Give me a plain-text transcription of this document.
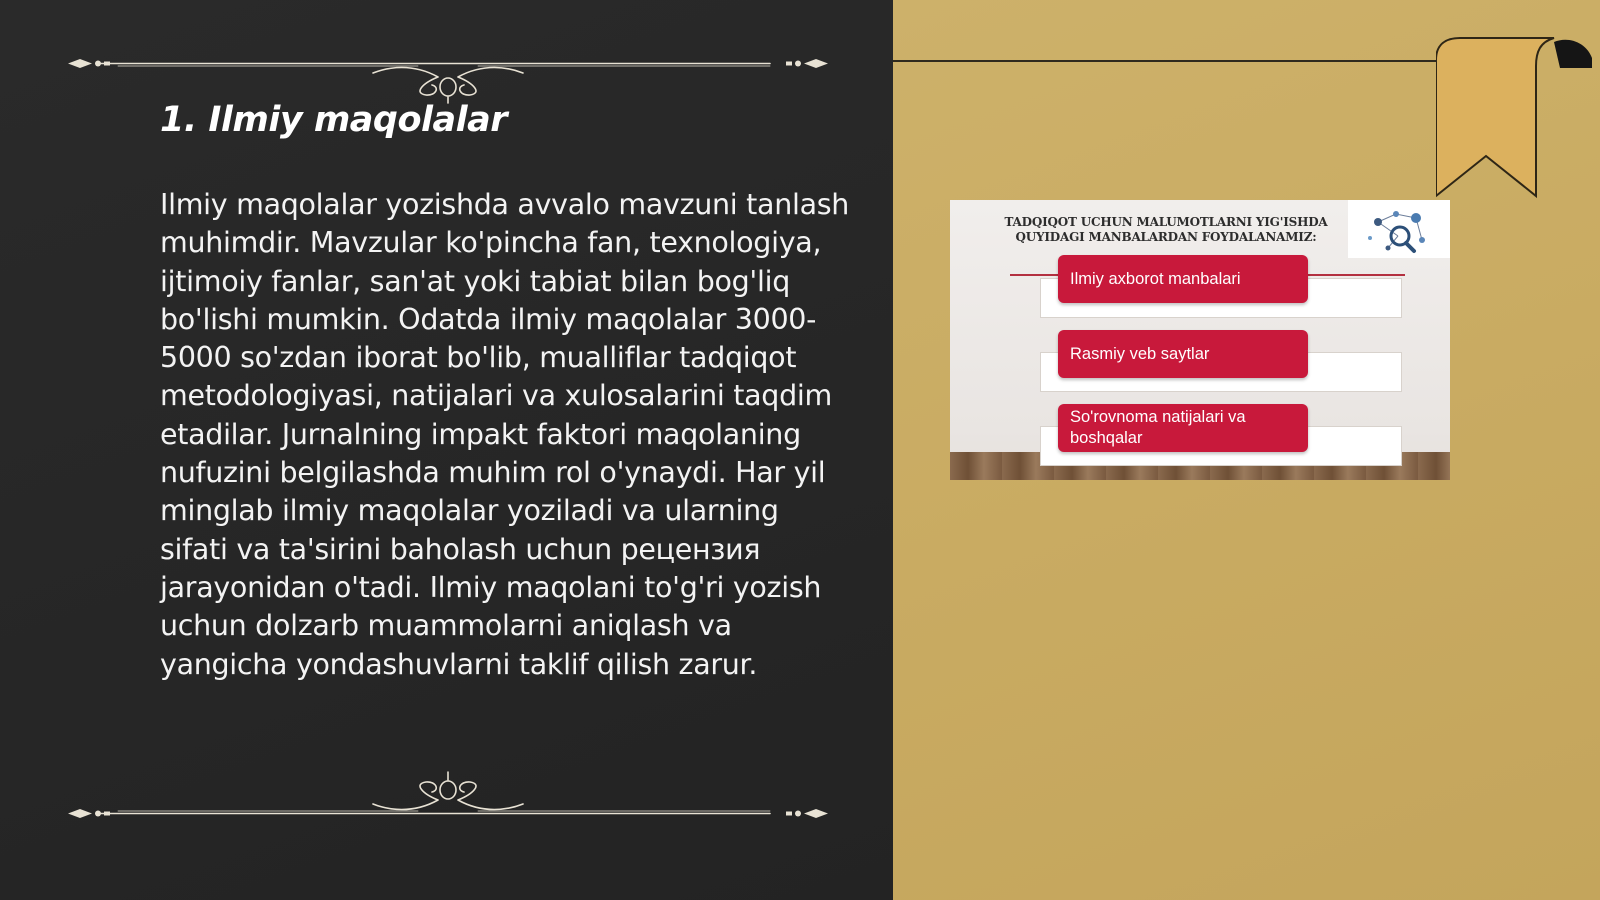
1. Ilmiy maqolalar

Ilmiy maqolalar yozishda avvalo mavzuni tanlash muhimdir. Mavzular ko'pincha fan, texnologiya, ijtimoiy fanlar, san'at yoki tabiat bilan bog'liq bo'lishi mumkin. Odatda ilmiy maqolalar 3000-5000 so'zdan iborat bo'lib, mualliflar tadqiqot metodologiyasi, natijalari va xulosalarini taqdim etadilar. Jurnalning impakt faktori maqolaning nufuzini belgilashda muhim rol o'ynaydi. Har yil minglab ilmiy maqolalar yoziladi va ularning sifati va ta'sirini baholash uchun рецензия jarayonidan o'tadi. Ilmiy maqolani to'g'ri yozish uchun dolzarb muammolarni aniqlash va yangicha yondashuvlarni taklif qilish zarur.

TADQIQOT UCHUN MALUMOTLARNI YIG'ISHDA
QUYIDAGI MANBALARDAN FOYDALANAMIZ:

Ilmiy axborot manbalari
Rasmiy veb saytlar
So'rovnoma natijalari va boshqalar
